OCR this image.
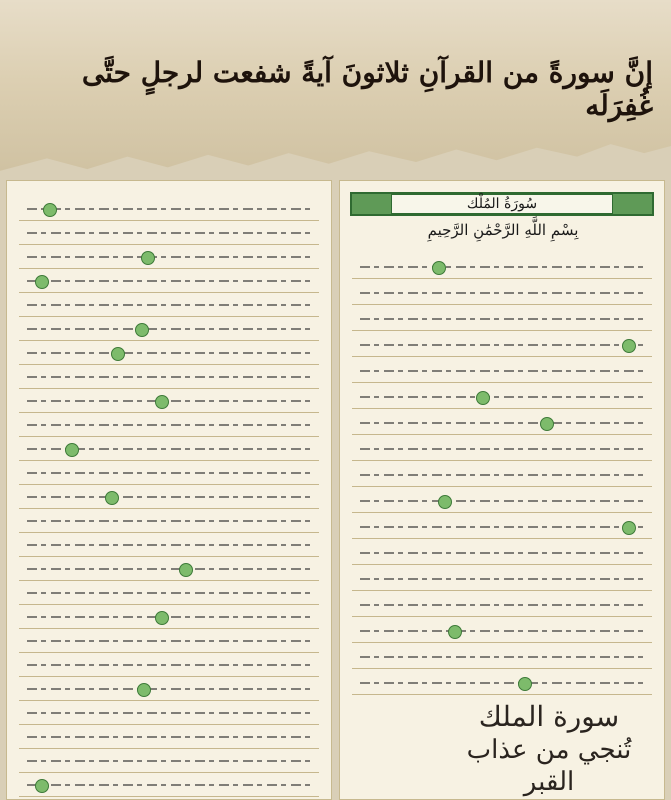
إنَّ سورةً من القرآنِ ثلاثونَ آيةً شفعت لرجلٍ حتَّى غُفِرَلَه
سُورَةُ المُلْك
بِسْمِ اللَّهِ الرَّحْمَٰنِ الرَّحِيمِ
سورة الملك
تُنجي من عذاب القبر
